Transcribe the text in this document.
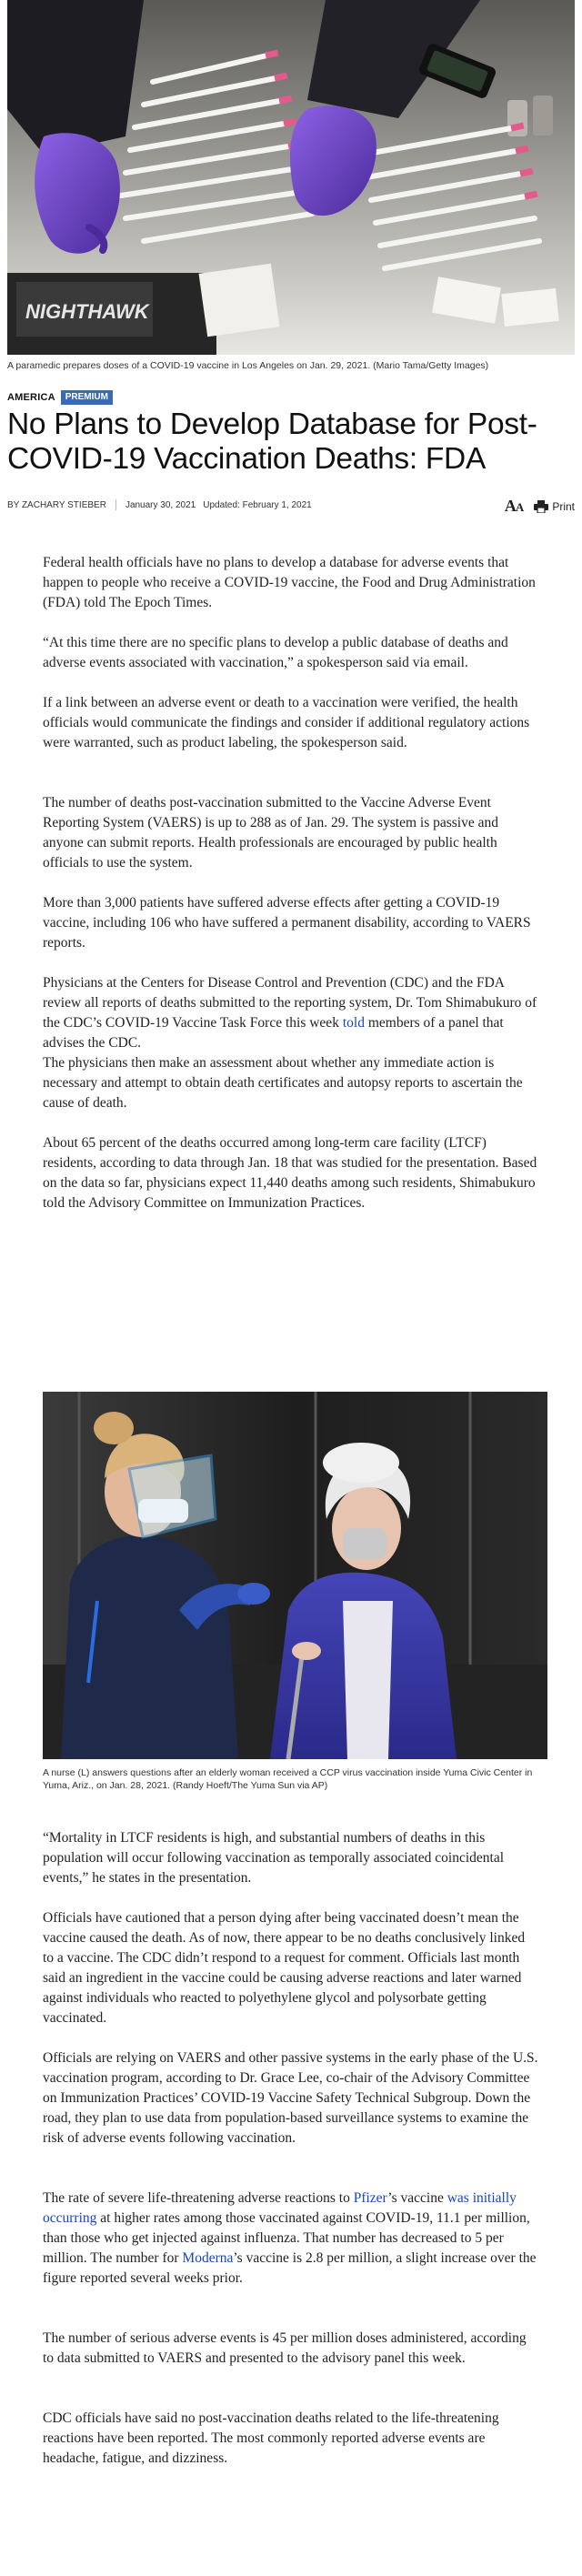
NIGHTHAWK
A paramedic prepares doses of a COVID-19 vaccine in Los Angeles on Jan. 29, 2021. (Mario Tama/Getty Images)
AMERICA	PREMIUM
No Plans to Develop Database for Post-COVID-19 Vaccination Deaths: FDA
BY ZACHARY STIEBER January 30, 2021 Updated: February 1, 2021	AA	Print

Federal health officials have no plans to develop a database for adverse events that happen to people who receive a COVID-19 vaccine, the Food and Drug Administration (FDA) told The Epoch Times.

“At this time there are no specific plans to develop a public database of deaths and adverse events associated with vaccination,” a spokesperson said via email.

If a link between an adverse event or death to a vaccination were verified, the health officials would communicate the findings and consider if additional regulatory actions were warranted, such as product labeling, the spokesperson said.

The number of deaths post-vaccination submitted to the Vaccine Adverse Event Reporting System (VAERS) is up to 288 as of Jan. 29. The system is passive and anyone can submit reports. Health professionals are encouraged by public health officials to use the system.

More than 3,000 patients have suffered adverse effects after getting a COVID-19 vaccine, including 106 who have suffered a permanent disability, according to VAERS reports.

Physicians at the Centers for Disease Control and Prevention (CDC) and the FDA review all reports of deaths submitted to the reporting system, Dr. Tom Shimabukuro of the CDC’s COVID-19 Vaccine Task Force this week told members of a panel that advises the CDC.

The physicians then make an assessment about whether any immediate action is necessary and attempt to obtain death certificates and autopsy reports to ascertain the cause of death.

About 65 percent of the deaths occurred among long-term care facility (LTCF) residents, according to data through Jan. 18 that was studied for the presentation. Based on the data so far, physicians expect 11,440 deaths among such residents, Shimabukuro told the Advisory Committee on Immunization Practices.

A nurse (L) answers questions after an elderly woman received a CCP virus vaccination inside Yuma Civic Center in Yuma, Ariz., on Jan. 28, 2021. (Randy Hoeft/The Yuma Sun via AP)

“Mortality in LTCF residents is high, and substantial numbers of deaths in this population will occur following vaccination as temporally associated coincidental events,” he states in the presentation.

Officials have cautioned that a person dying after being vaccinated doesn’t mean the vaccine caused the death. As of now, there appear to be no deaths conclusively linked to a vaccine. The CDC didn’t respond to a request for comment. Officials last month said an ingredient in the vaccine could be causing adverse reactions and later warned against individuals who reacted to polyethylene glycol and polysorbate getting vaccinated.

Officials are relying on VAERS and other passive systems in the early phase of the U.S. vaccination program, according to Dr. Grace Lee, co-chair of the Advisory Committee on Immunization Practices’ COVID-19 Vaccine Safety Technical Subgroup. Down the road, they plan to use data from population-based surveillance systems to examine the risk of adverse events following vaccination.

The rate of severe life-threatening adverse reactions to Pfizer’s vaccine was initially occurring at higher rates among those vaccinated against COVID-19, 11.1 per million, than those who get injected against influenza. That number has decreased to 5 per million. The number for Moderna’s vaccine is 2.8 per million, a slight increase over the figure reported several weeks prior.

The number of serious adverse events is 45 per million doses administered, according to data submitted to VAERS and presented to the advisory panel this week.

CDC officials have said no post-vaccination deaths related to the life-threatening reactions have been reported. The most commonly reported adverse events are headache, fatigue, and dizziness.
